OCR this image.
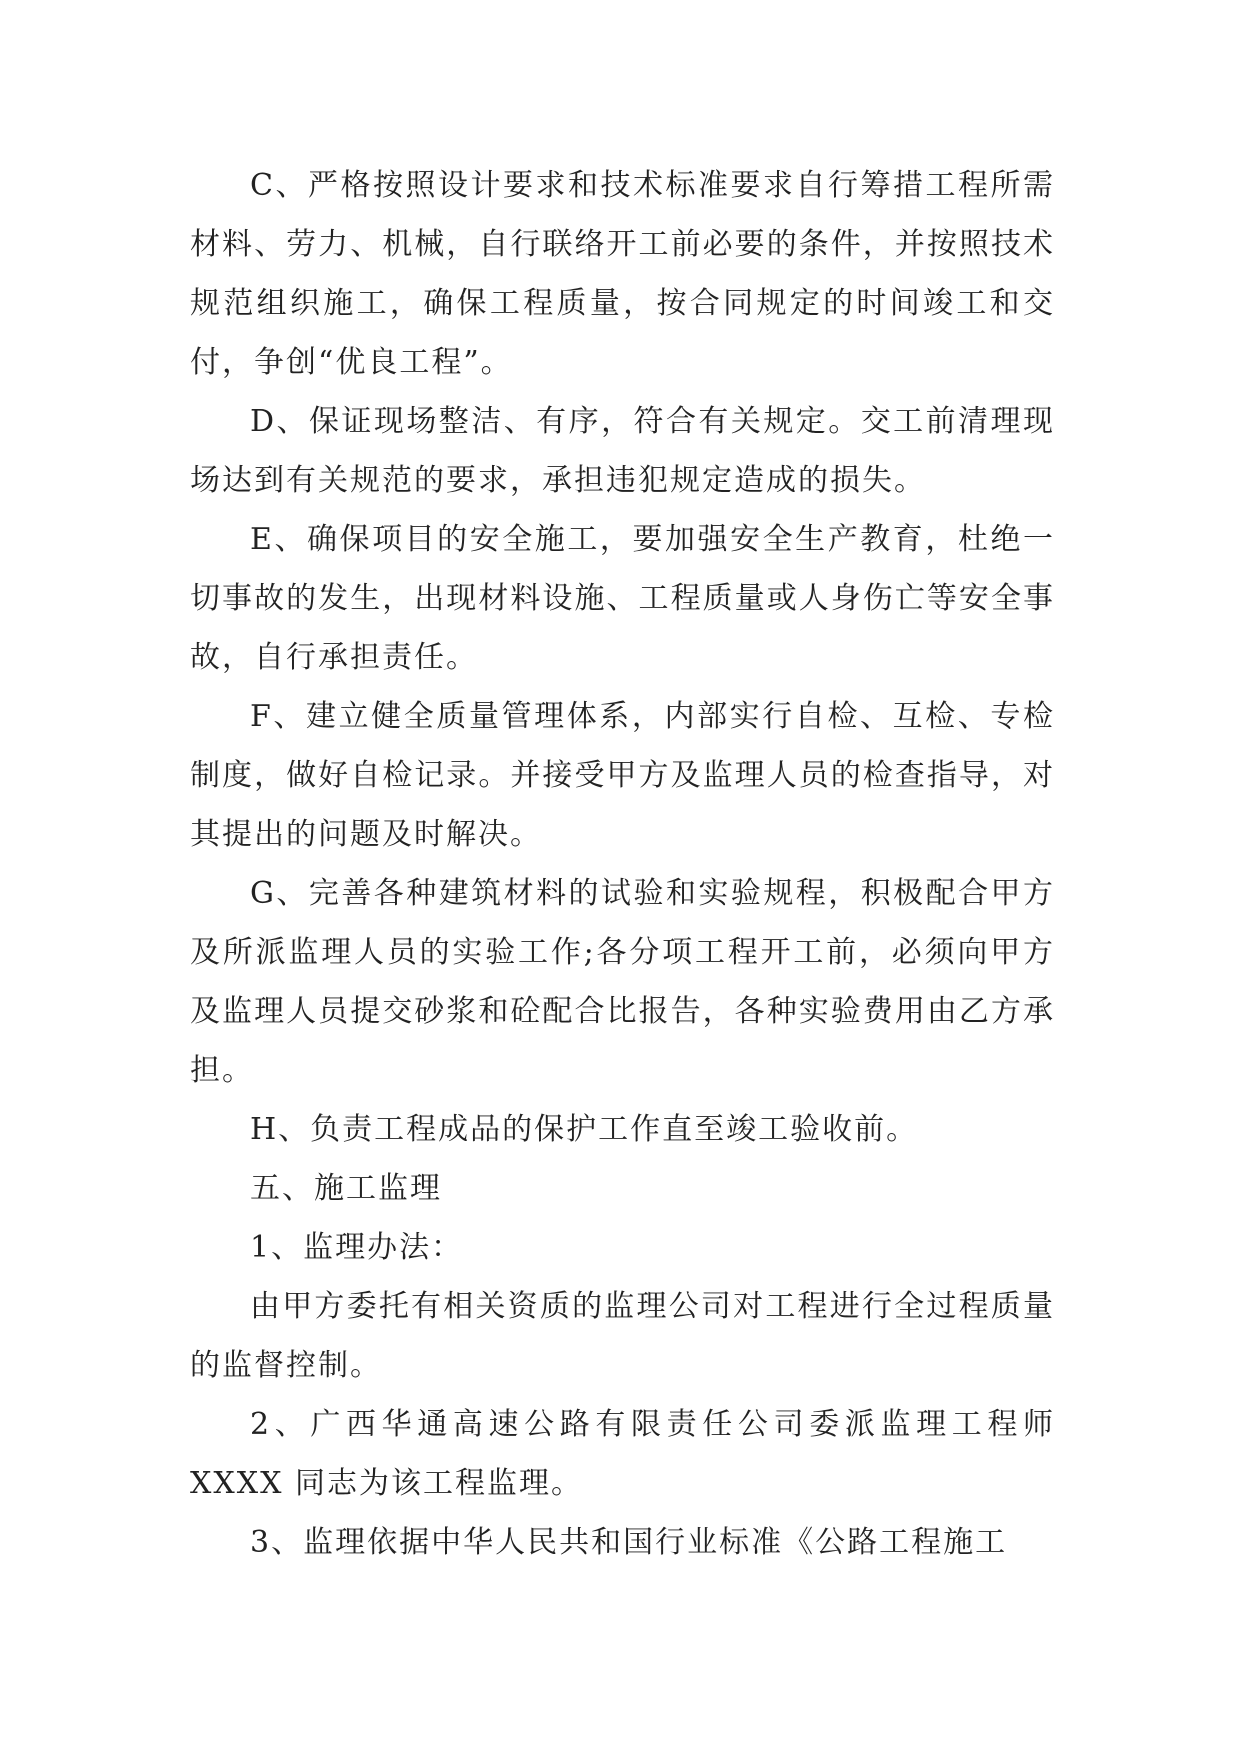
C、严格按照设计要求和技术标准要求自行筹措工程所需材料、劳力、机械，自行联络开工前必要的条件，并按照技术规范组织施工，确保工程质量，按合同规定的时间竣工和交付，争创“优良工程”。

D、保证现场整洁、有序，符合有关规定。交工前清理现场达到有关规范的要求，承担违犯规定造成的损失。

E、确保项目的安全施工，要加强安全生产教育，杜绝一切事故的发生，出现材料设施、工程质量或人身伤亡等安全事故，自行承担责任。

F、建立健全质量管理体系，内部实行自检、互检、专检制度，做好自检记录。并接受甲方及监理人员的检查指导，对其提出的问题及时解决。

G、完善各种建筑材料的试验和实验规程，积极配合甲方及所派监理人员的实验工作;各分项工程开工前，必须向甲方及监理人员提交砂浆和砼配合比报告，各种实验费用由乙方承担。

H、负责工程成品的保护工作直至竣工验收前。

五、施工监理

1、监理办法：

由甲方委托有相关资质的监理公司对工程进行全过程质量的监督控制。

2、广西华通高速公路有限责任公司委派监理工程师XXXX 同志为该工程监理。

3、监理依据中华人民共和国行业标准《公路工程施工
